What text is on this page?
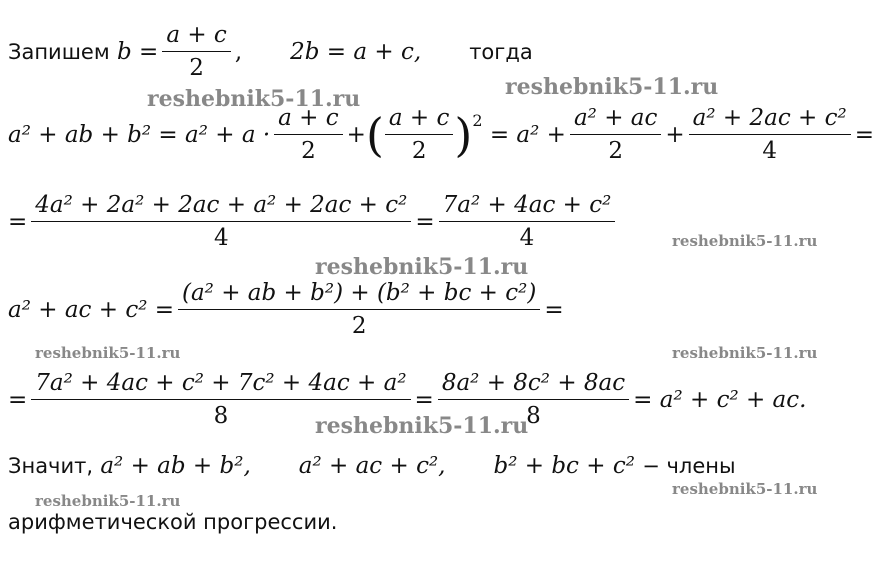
Запишем
$b = \frac{a + c}{2}$ , 2b = a + c, тогда
a² + ab + $b^2 = a^2 + a \cdot \frac{a + c}{2}$ + ( $\frac{a + c}{2} )^2$

= $a^2 + \frac{\text{a² + ac}}{2} + \frac{\text{a² + 2ac + c²}}{4}$ =
= $\frac{\text{4a² + 2a² + 2ac + a² + 2ac + c²}}{4} = \frac{\text{7a² + 4ac + c²}}{4}$
a² + ac + $c^2 = \frac{\text{(a² + ab + b²) + (b² + bc + c²)}}{2}$ =
= $\frac{\text{7a² + 4ac + c² + 7c² + 4ac + a²}}{8} = \frac{\text{8a² + 8c² + 8ac}}{8} = a^2 + c^2$ + ac.
Значит,
a² + ab + b², a² + ac + c², b² + bc + c²
− члены
арифметической прогрессии.
reshebnik5-11.ru
reshebnik5-11.ru
reshebnik5-11.ru
reshebnik5-11.ru
reshebnik5-11.ru	reshebnik5-11.ru
reshebnik5-11.ru
reshebnik5-11.ru
reshebnik5-11.ru
